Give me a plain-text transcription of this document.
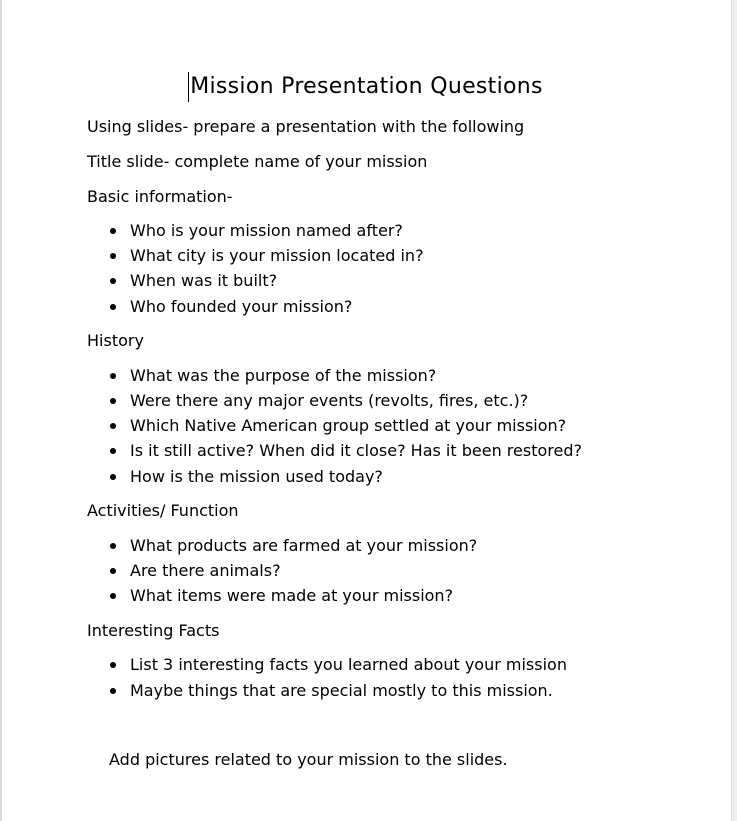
Mission Presentation Questions
Using slides- prepare a presentation with the following
Title slide- complete name of your mission
Basic information-
Who is your mission named after?
What city is your mission located in?
When was it built?
Who founded your mission?
History
What was the purpose of the mission?
Were there any major events (revolts, fires, etc.)?
Which Native American group settled at your mission?
Is it still active? When did it close? Has it been restored?
How is the mission used today?
Activities/ Function
What products are farmed at your mission?
Are there animals?
What items were made at your mission?
Interesting Facts
List 3 interesting facts you learned about your mission
Maybe things that are special mostly to this mission.
Add pictures related to your mission to the slides.
